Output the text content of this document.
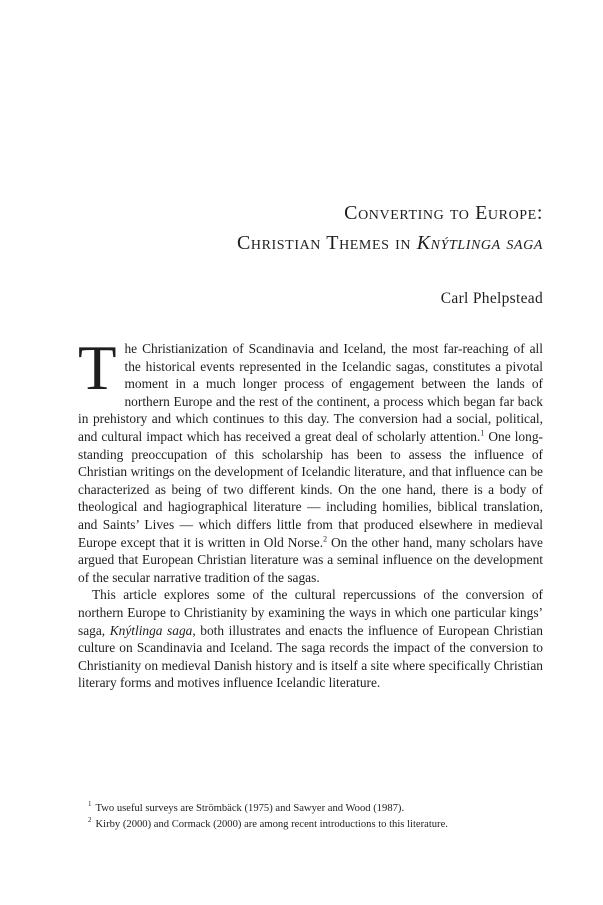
Converting to Europe:
Christian Themes in Knýtlinga saga
Carl Phelpstead

The Christianization of Scandinavia and Iceland, the most far-reaching of all the historical events represented in the Icelandic sagas, constitutes a pivotal moment in a much longer process of engagement between the lands of northern Europe and the rest of the continent, a process which began far back in prehistory and which continues to this day. The conversion had a social, political, and cultural impact which has received a great deal of scholarly attention.$^1$ One long-standing preoccupation of this scholarship has been to assess the influence of Christian writings on the development of Icelandic literature, and that influence can be characterized as being of two different kinds. On the one hand, there is a body of theological and hagiographical literature — including homilies, biblical translation, and Saints’ Lives — which differs little from that produced elsewhere in medieval Europe except that it is written in Old Norse.$^2$ On the other hand, many scholars have argued that European Christian literature was a seminal influence on the development of the secular narrative tradition of the sagas.

This article explores some of the cultural repercussions of the conversion of northern Europe to Christianity by examining the ways in which one particular kings’ saga, Knýtlinga saga, both illustrates and enacts the influence of European Christian culture on Scandinavia and Iceland. The saga records the impact of the conversion to Christianity on medieval Danish history and is itself a site where specifically Christian literary forms and motives influence Icelandic literature.

$^1$ Two useful surveys are Strömbäck (1975) and Sawyer and Wood (1987).

$^2$ Kirby (2000) and Cormack (2000) are among recent introductions to this literature.
